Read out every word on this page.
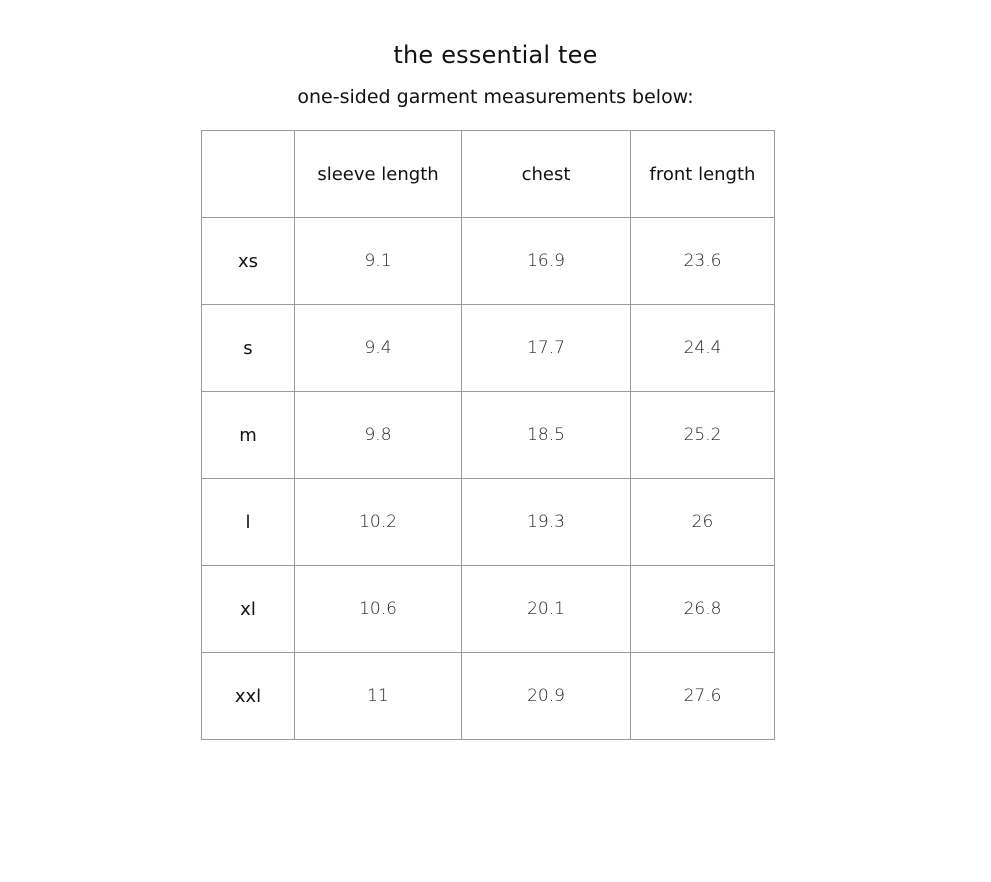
the essential tee
one-sided garment measurements below:
	sleeve length	chest	front length
xs	9.1	16.9	23.6
s	9.4	17.7	24.4
m	9.8	18.5	25.2
l	10.2	19.3	26
xl	10.6	20.1	26.8
xxl	11	20.9	27.6
